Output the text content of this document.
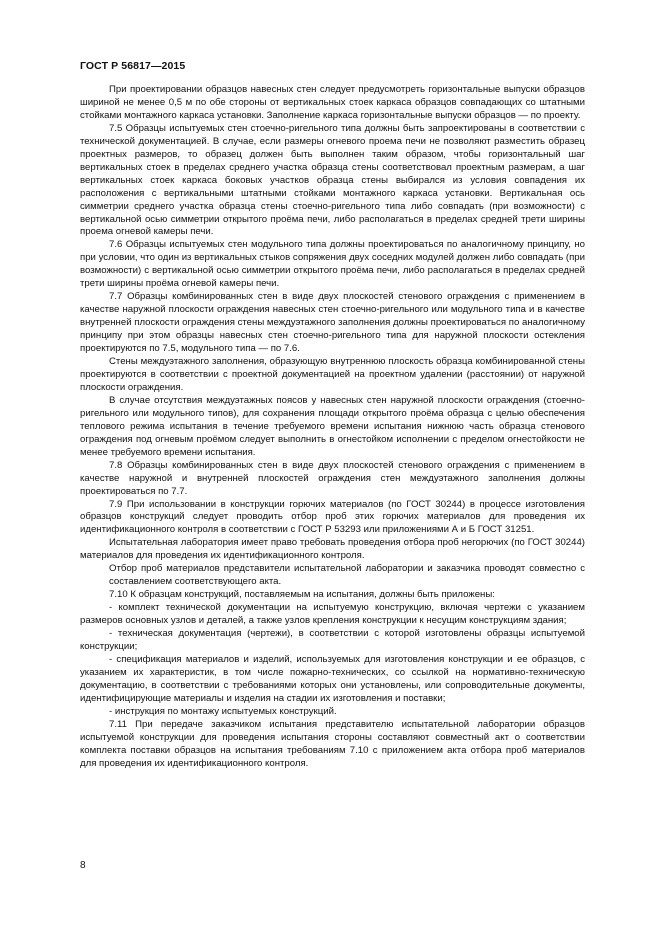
ГОСТ Р 56817—2015

При проектировании образцов навесных стен следует предусмотреть горизонтальные выпуски образцов шириной не менее 0,5 м по обе стороны от вертикальных стоек каркаса образцов совпадающих со штатными стойками монтажного каркаса установки. Заполнение каркаса горизонтальные выпуски образцов — по проекту.

7.5 Образцы испытуемых стен стоечно-ригельного типа должны быть запроектированы в соответствии с технической документацией. В случае, если размеры огневого проема печи не позволяют разместить образец проектных размеров, то образец должен быть выполнен таким образом, чтобы горизонтальный шаг вертикальных стоек в пределах среднего участка образца стены соответствовал проектным размерам, а шаг вертикальных стоек каркаса боковых участков образца стены выбирался из условия совпадения их расположения с вертикальными штатными стойками монтажного каркаса установки. Вертикальная ось симметрии среднего участка образца стены стоечно-ригельного типа либо совпадать (при возможности) с вертикальной осью симметрии открытого проёма печи, либо располагаться в пределах средней трети ширины проема огневой камеры печи.

7.6 Образцы испытуемых стен модульного типа должны проектироваться по аналогичному принципу, но при условии, что один из вертикальных стыков сопряжения двух соседних модулей должен либо совпадать (при возможности) с вертикальной осью симметрии открытого проёма печи, либо располагаться в пределах средней трети ширины проёма огневой камеры печи.

7.7 Образцы комбинированных стен в виде двух плоскостей стенового ограждения с применением в качестве наружной плоскости ограждения навесных стен стоечно-ригельного или модульного типа и в качестве внутренней плоскости ограждения стены междуэтажного заполнения должны проектироваться по аналогичному принципу при этом образцы навесных стен стоечно-ригельного типа для наружной плоскости остекления проектируются по 7.5, модульного типа — по 7.6.

Стены междуэтажного заполнения, образующую внутреннюю плоскость образца комбинированной стены проектируются в соответствии с проектной документацией на проектном удалении (расстоянии) от наружной плоскости ограждения.

В случае отсутствия междуэтажных поясов у навесных стен наружной плоскости ограждения (стоечно-ригельного или модульного типов), для сохранения площади открытого проёма образца с целью обеспечения теплового режима испытания в течение требуемого времени испытания нижнюю часть образца стенового ограждения под огневым проёмом следует выполнить в огнестойком исполнении с пределом огнестойкости не менее требуемого времени испытания.

7.8 Образцы комбинированных стен в виде двух плоскостей стенового ограждения с применением в качестве наружной и внутренней плоскостей ограждения стен междуэтажного заполнения должны проектироваться по 7.7.

7.9 При использовании в конструкции горючих материалов (по ГОСТ 30244) в процессе изготовления образцов конструкций следует проводить отбор проб этих горючих материалов для проведения их идентификационного контроля в соответствии с ГОСТ Р 53293 или приложениями А и Б ГОСТ 31251.

Испытательная лаборатория имеет право требовать проведения отбора проб негорючих (по ГОСТ 30244) материалов для проведения их идентификационного контроля.

Отбор проб материалов представители испытательной лаборатории и заказчика проводят совместно с составлением соответствующего акта.

7.10 К образцам конструкций, поставляемым на испытания, должны быть приложены:

- комплект технической документации на испытуемую конструкцию, включая чертежи с указанием размеров основных узлов и деталей, а также узлов крепления конструкции к несущим конструкциям здания;

- техническая документация (чертежи), в соответствии с которой изготовлены образцы испытуемой конструкции;

- спецификация материалов и изделий, используемых для изготовления конструкции и ее образцов, с указанием их характеристик, в том числе пожарно-технических, со ссылкой на нормативно-техническую документацию, в соответствии с требованиями которых они установлены, или сопроводительные документы, идентифицирующие материалы и изделия на стадии их изготовления и поставки;

- инструкция по монтажу испытуемых конструкций.

7.11 При передаче заказчиком испытания представителю испытательной лаборатории образцов испытуемой конструкции для проведения испытания стороны составляют совместный акт о соответствии комплекта поставки образцов на испытания требованиям 7.10 с приложением акта отбора проб материалов для проведения их идентификационного контроля.

8
